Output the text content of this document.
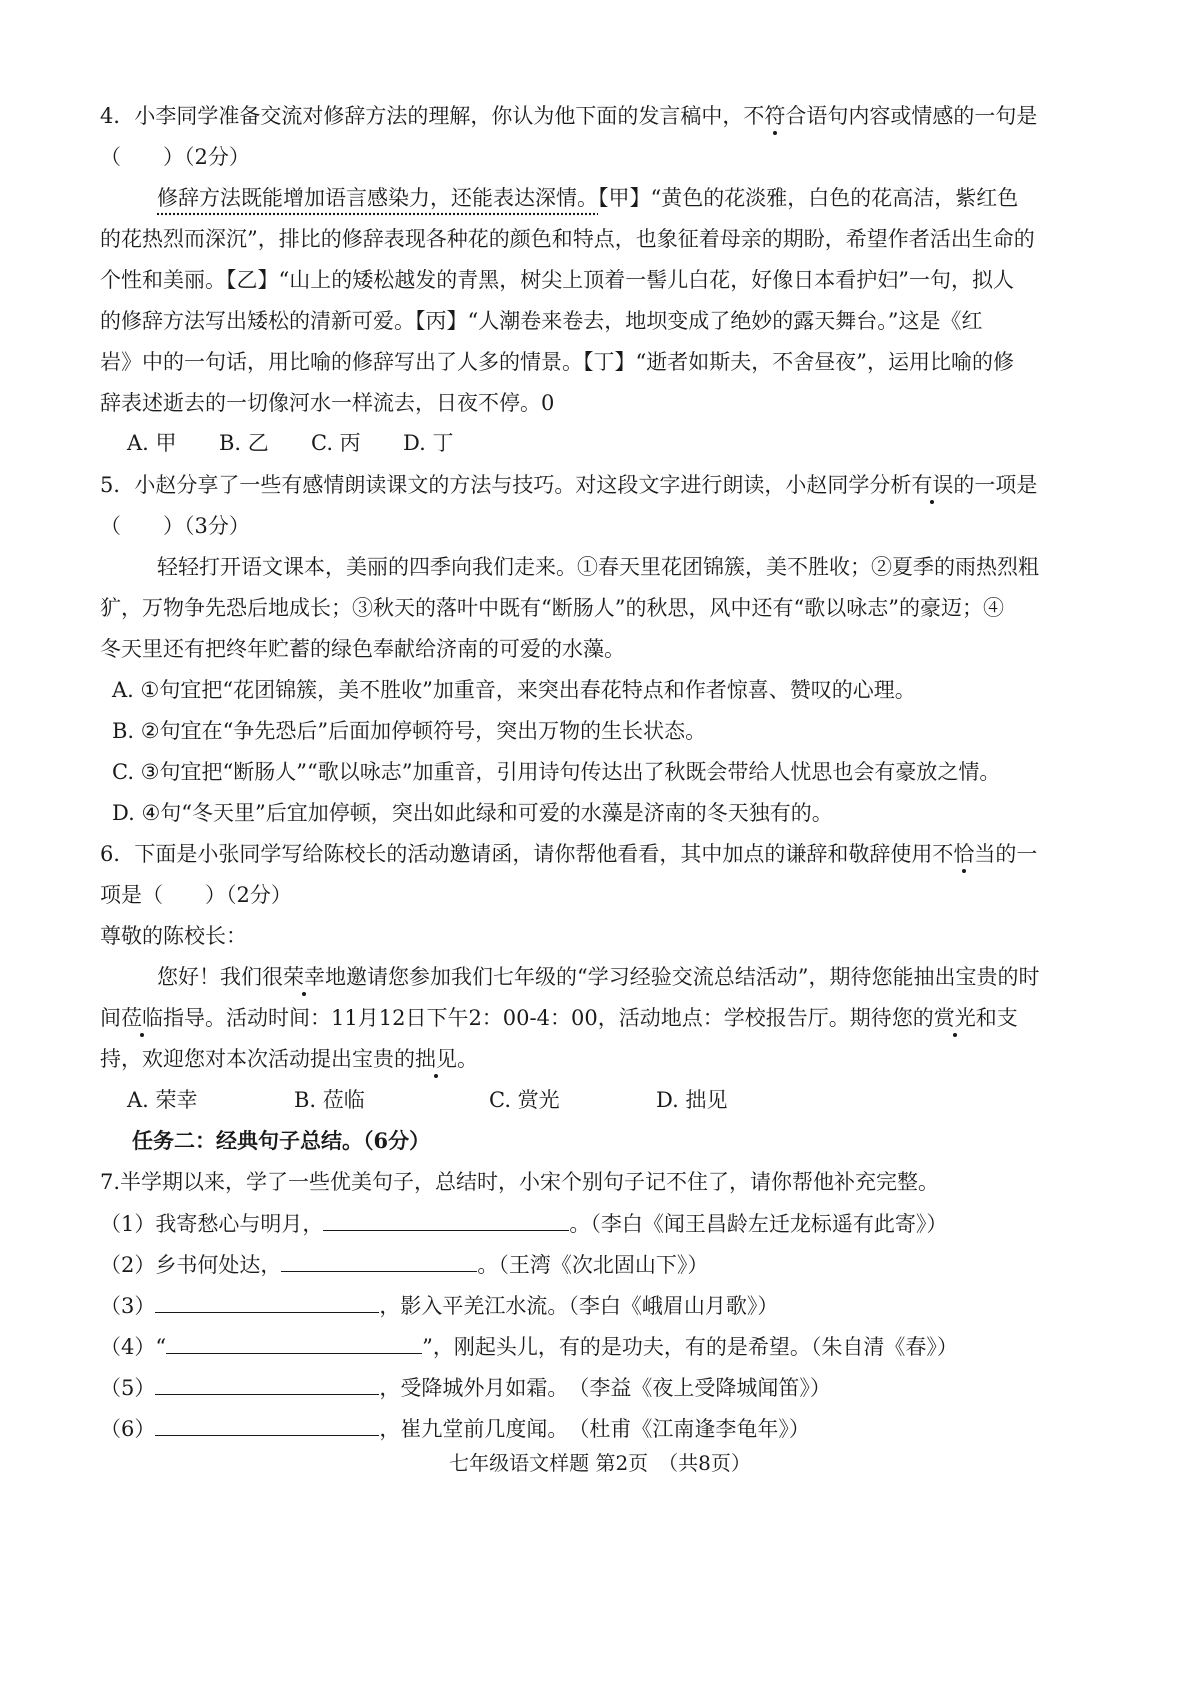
4．小李同学准备交流对修辞方法的理解，你认为他下面的发言稿中，不符合语句内容或情感的一句是
（　　）（2分）
修辞方法既能增加语言感染力，还能表达深情。【甲】“黄色的花淡雅，白色的花高洁，紫红色
的花热烈而深沉”，排比的修辞表现各种花的颜色和特点，也象征着母亲的期盼，希望作者活出生命的
个性和美丽。【乙】“山上的矮松越发的青黑，树尖上顶着一髻儿白花，好像日本看护妇”一句，拟人
的修辞方法写出矮松的清新可爱。【丙】“人潮卷来卷去，地坝变成了绝妙的露天舞台。”这是《红
岩》中的一句话，用比喻的修辞写出了人多的情景。【丁】“逝者如斯夫，不舍昼夜”，运用比喻的修
辞表述逝去的一切像河水一样流去，日夜不停。0
A. 甲 B. 乙 C. 丙 D. 丁
5．小赵分享了一些有感情朗读课文的方法与技巧。对这段文字进行朗读，小赵同学分析有误的一项是
（　　）（3分）
轻轻打开语文课本，美丽的四季向我们走来。①春天里花团锦簇，美不胜收；②夏季的雨热烈粗
犷，万物争先恐后地成长；③秋天的落叶中既有“断肠人”的秋思，风中还有“歌以咏志”的豪迈；④
冬天里还有把终年贮蓄的绿色奉献给济南的可爱的水藻。
A. ①句宜把“花团锦簇，美不胜收”加重音，来突出春花特点和作者惊喜、赞叹的心理。
B. ②句宜在“争先恐后”后面加停顿符号，突出万物的生长状态。
C. ③句宜把“断肠人”“歌以咏志”加重音，引用诗句传达出了秋既会带给人忧思也会有豪放之情。
D. ④句“冬天里”后宜加停顿，突出如此绿和可爱的水藻是济南的冬天独有的。
6．下面是小张同学写给陈校长的活动邀请函，请你帮他看看，其中加点的谦辞和敬辞使用不恰当的一
项是（　　）（2分）
尊敬的陈校长：
您好！我们很荣幸地邀请您参加我们七年级的“学习经验交流总结活动”，期待您能抽出宝贵的时
间莅临指导。活动时间：11月12日下午2：00-4：00，活动地点：学校报告厅。期待您的赏光和支
持，欢迎您对本次活动提出宝贵的拙见。
A. 荣幸	B. 莅临	C. 赏光	D. 拙见
任务二：经典句子总结。（6分）
7.半学期以来，学了一些优美句子，总结时，小宋个别句子记不住了，请你帮他补充完整。
（1）我寄愁心与明月，	。（李白《闻王昌龄左迁龙标遥有此寄》）
（2）乡书何处达，	。（王湾《次北固山下》）
（3）	，影入平羌江水流。（李白《峨眉山月歌》）
（4）“	”，刚起头儿，有的是功夫，有的是希望。（朱自清《春》）
（5）	，受降城外月如霜。　（李益《夜上受降城闻笛》）
（6）	，崔九堂前几度闻。　（杜甫《江南逢李龟年》）
七年级语文样题 第2页　（共8页）
